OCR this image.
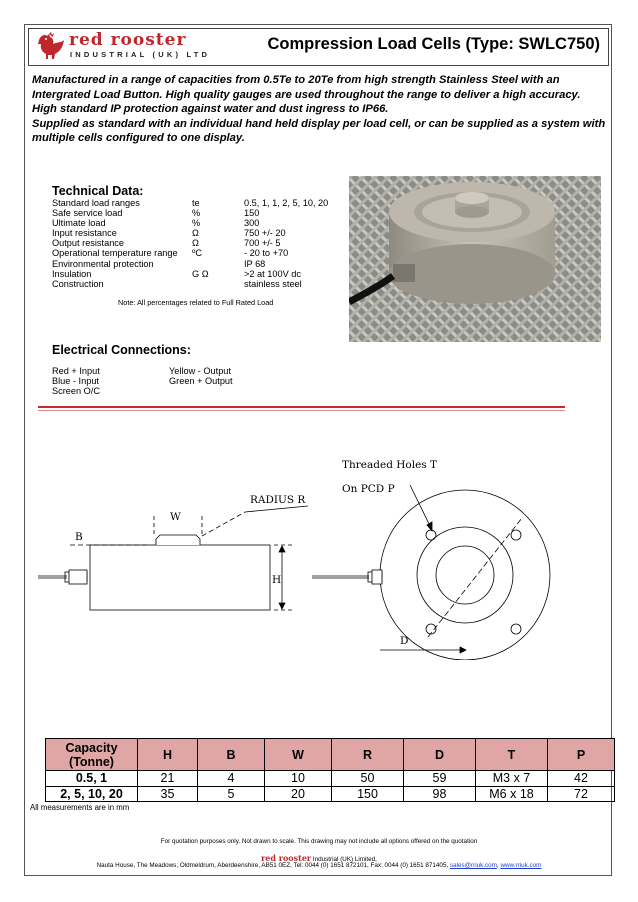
red rooster
INDUSTRIAL (UK) LTD
Compression Load Cells (Type: SWLC750)

Manufactured in a range of capacities from 0.5Te to 20Te from high strength Stainless Steel with an Intergrated Load Button. High quality gauges are used throughout the range to deliver a high accuracy.

High standard IP protection against water and dust ingress to IP66.

Supplied as standard with an individual hand held display per load cell, or can be supplied as a system with multiple cells configured to one display.

Technical Data:
Standard load ranges	te	0.5, 1, 1, 2, 5, 10, 20
Safe service load	%	150
Ultimate load	%	300
Input resistance	Ω	750 +/- 20
Output resistance	Ω	700 +/- 5
Operational temperature range	ºC	- 20 to +70
Environmental protection		IP 68
Insulation	G Ω	>2 at 100V dc
Construction		stainless steel
Note: All percentages related to Full Rated Load
Electrical Connections:
Red + Input	Yellow - Output
Blue - Input	Green + Output
Screen O/C
W
B
H
RADIUS R
Threaded Holes T
On PCD P
D
Capacity (Tonne)	H	B	W	R	D	T	P
0.5, 1	21	4	10	50	59	M3 x 7	42
2, 5, 10, 20	35	5	20	150	98	M6 x 18	72
All measurements are in mm
For quotation purposes only. Not drawn to scale. This drawing may not include all options offered on the quotation
red rooster Industrial (UK) Limited,
Nauta House, The Meadows, Oldmeldrum, Aberdeenshire, AB51 0EZ, Tel: 0044 (0) 1651 872101, Fax: 0044 (0) 1651 871405, sales@rriuk.com, www.rriuk.com
